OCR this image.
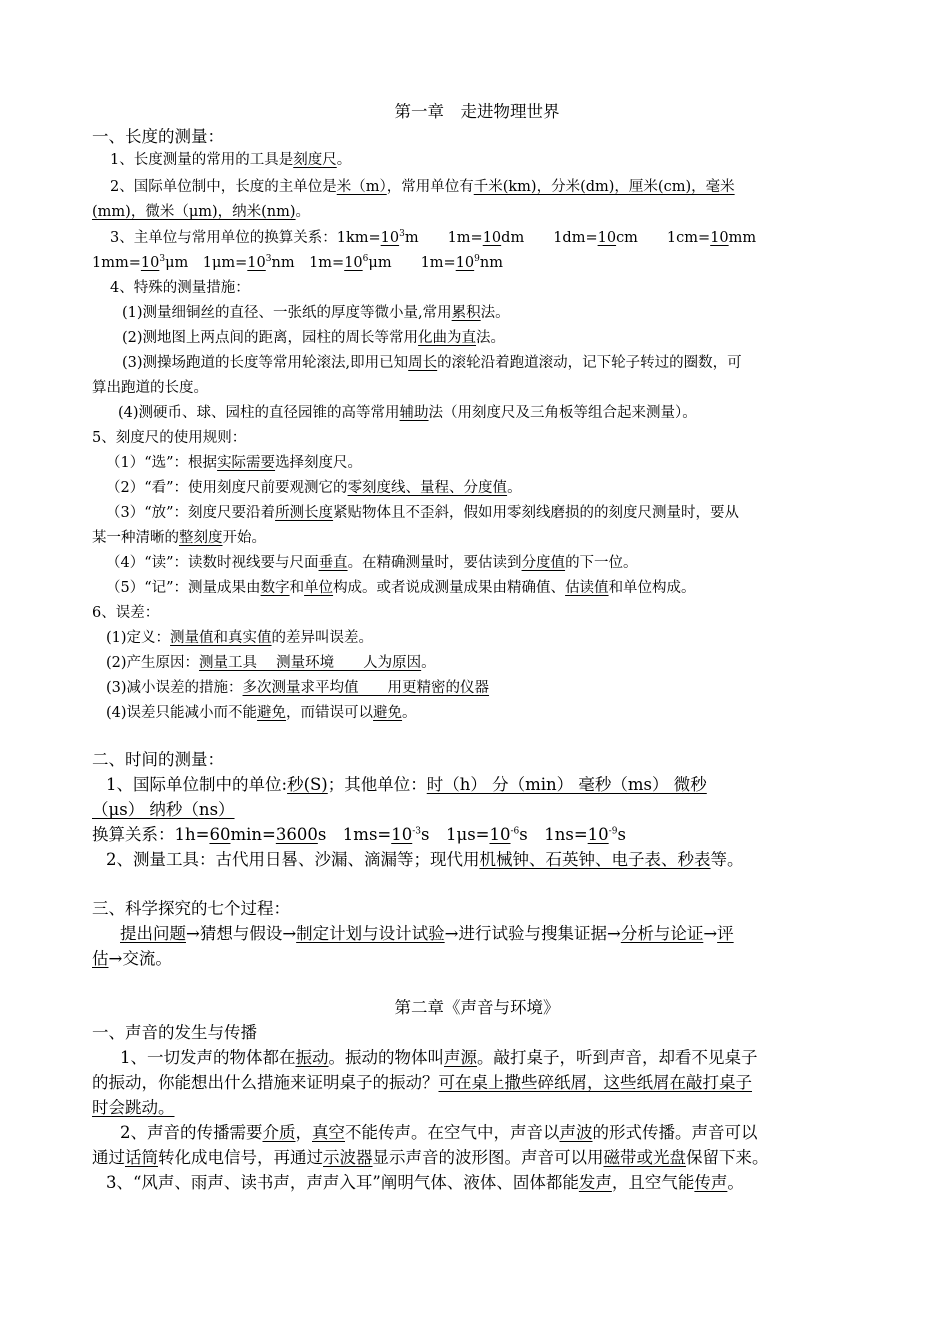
第一章　走进物理世界
一、长度的测量：
1、长度测量的常用的工具是刻度尺。
2、国际单位制中，长度的主单位是米（m），常用单位有千米(km)，分米(dm)，厘米(cm)，毫米
(mm)，微米（μm)，纳米(nm)。
3、主单位与常用单位的换算关系：$1km=10^3m$　　1m=10dm　　1dm=10cm　　1cm=10mm
$1mm=10^3\mu m$　$1\mu m=10^3nm$　$1m=10^6\mu m$　　$1m=10^9nm$
4、特殊的测量措施：
(1)测量细铜丝的直径、一张纸的厚度等微小量,常用累积法。
(2)测地图上两点间的距离，园柱的周长等常用化曲为直法。
(3)测操场跑道的长度等常用轮滚法,即用已知周长的滚轮沿着跑道滚动，记下轮子转过的圈数，可
算出跑道的长度。
(4)测硬币、球、园柱的直径园锥的高等常用辅助法（用刻度尺及三角板等组合起来测量）。
5、刻度尺的使用规则：
（1）“选”：根据实际需要选择刻度尺。
（2）“看”：使用刻度尺前要观测它的零刻度线、量程、分度值。
（3）“放”：刻度尺要沿着所测长度紧贴物体且不歪斜，假如用零刻线磨损的的刻度尺测量时，要从
某一种清晰的整刻度开始。
（4）“读”：读数时视线要与尺面垂直。在精确测量时，要估读到分度值的下一位。
（5）“记”：测量成果由数字和单位构成。或者说成测量成果由精确值、估读值和单位构成。
6、误差：
(1)定义：测量值和真实值的差异叫误差。
(2)产生原因：测量工具　 测量环境　　人为原因。
(3)减小误差的措施：多次测量求平均值　　用更精密的仪器
(4)误差只能减小而不能避免，而错误可以避免。
二、时间的测量：
1、国际单位制中的单位:秒(S)；其他单位：时（h） 分（min） 毫秒（ms） 微秒
（μs） 纳秒（ns）
换算关系：1h=60min=3600s　$1ms=10^{-3}s$　$1\mu s=10^{-6}s$　$1ns=10^{-9}s$
2、测量工具：古代用日晷、沙漏、滴漏等；现代用机械钟、石英钟、电子表、秒表等。
三、科学探究的七个过程：
提出问题→猜想与假设→制定计划与设计试验→进行试验与搜集证据→分析与论证→评
估→交流。
第二章《声音与环境》
一、声音的发生与传播
1、一切发声的物体都在振动。振动的物体叫声源。敲打桌子，听到声音，却看不见桌子
的振动，你能想出什么措施来证明桌子的振动？可在桌上撒些碎纸屑，这些纸屑在敲打桌子
时会跳动。
2、声音的传播需要介质，真空不能传声。在空气中，声音以声波的形式传播。声音可以
通过话筒转化成电信号，再通过示波器显示声音的波形图。声音可以用磁带或光盘保留下来。
3、“风声、雨声、读书声，声声入耳”阐明气体、液体、固体都能发声，且空气能传声。
